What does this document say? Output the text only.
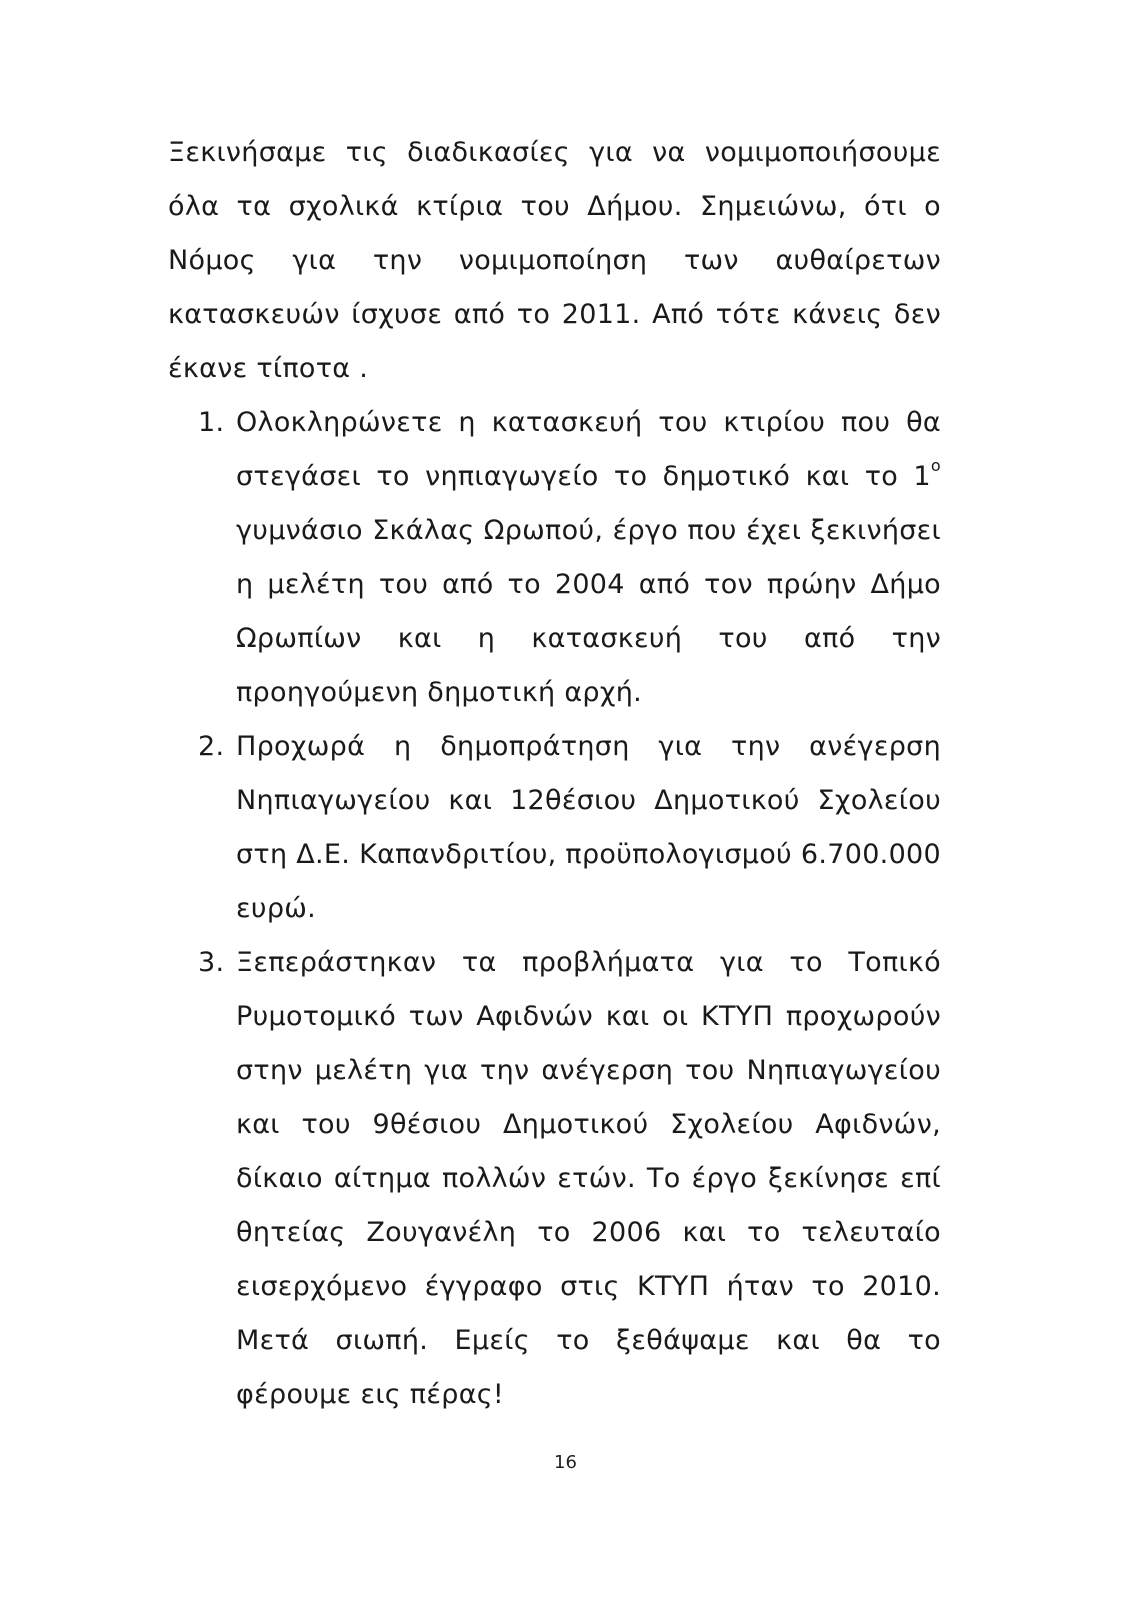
Ξεκινήσαμε τις διαδικασίες για να νομιμοποιήσουμε όλα τα σχολικά κτίρια του Δήμου. Σημειώνω, ότι ο Νόμος για την νομιμοποίηση των αυθαίρετων κατασκευών ίσχυσε από το 2011. Από τότε κάνεις δεν έκανε τίποτα .

1. Ολοκληρώνετε η κατασκευή του κτιρίου που θα στεγάσει το νηπιαγωγείο το δημοτικό και το $1^o$ γυμνάσιο Σκάλας Ωρωπού, έργο που έχει ξεκινήσει η μελέτη του από το 2004 από τον πρώην Δήμο Ωρωπίων και η κατασκευή του από την προηγούμενη δημοτική αρχή.
2. Προχωρά η δημοπράτηση για την ανέγερση Νηπιαγωγείου και 12θέσιου Δημοτικού Σχολείου στη Δ.Ε. Καπανδριτίου, προϋπολογισμού 6.700.000 ευρώ.
3. Ξεπεράστηκαν τα προβλήματα για το Τοπικό Ρυμοτομικό των Αφιδνών και οι ΚΤΥΠ προχωρούν στην μελέτη για την ανέγερση του Νηπιαγωγείου και του 9θέσιου Δημοτικού Σχολείου Αφιδνών, δίκαιο αίτημα πολλών ετών. Το έργο ξεκίνησε επί θητείας Ζουγανέλη το 2006 και το τελευταίο εισερχόμενο έγγραφο στις ΚΤΥΠ ήταν το 2010. Μετά σιωπή. Εμείς το ξεθάψαμε και θα το φέρουμε εις πέρας!
16
